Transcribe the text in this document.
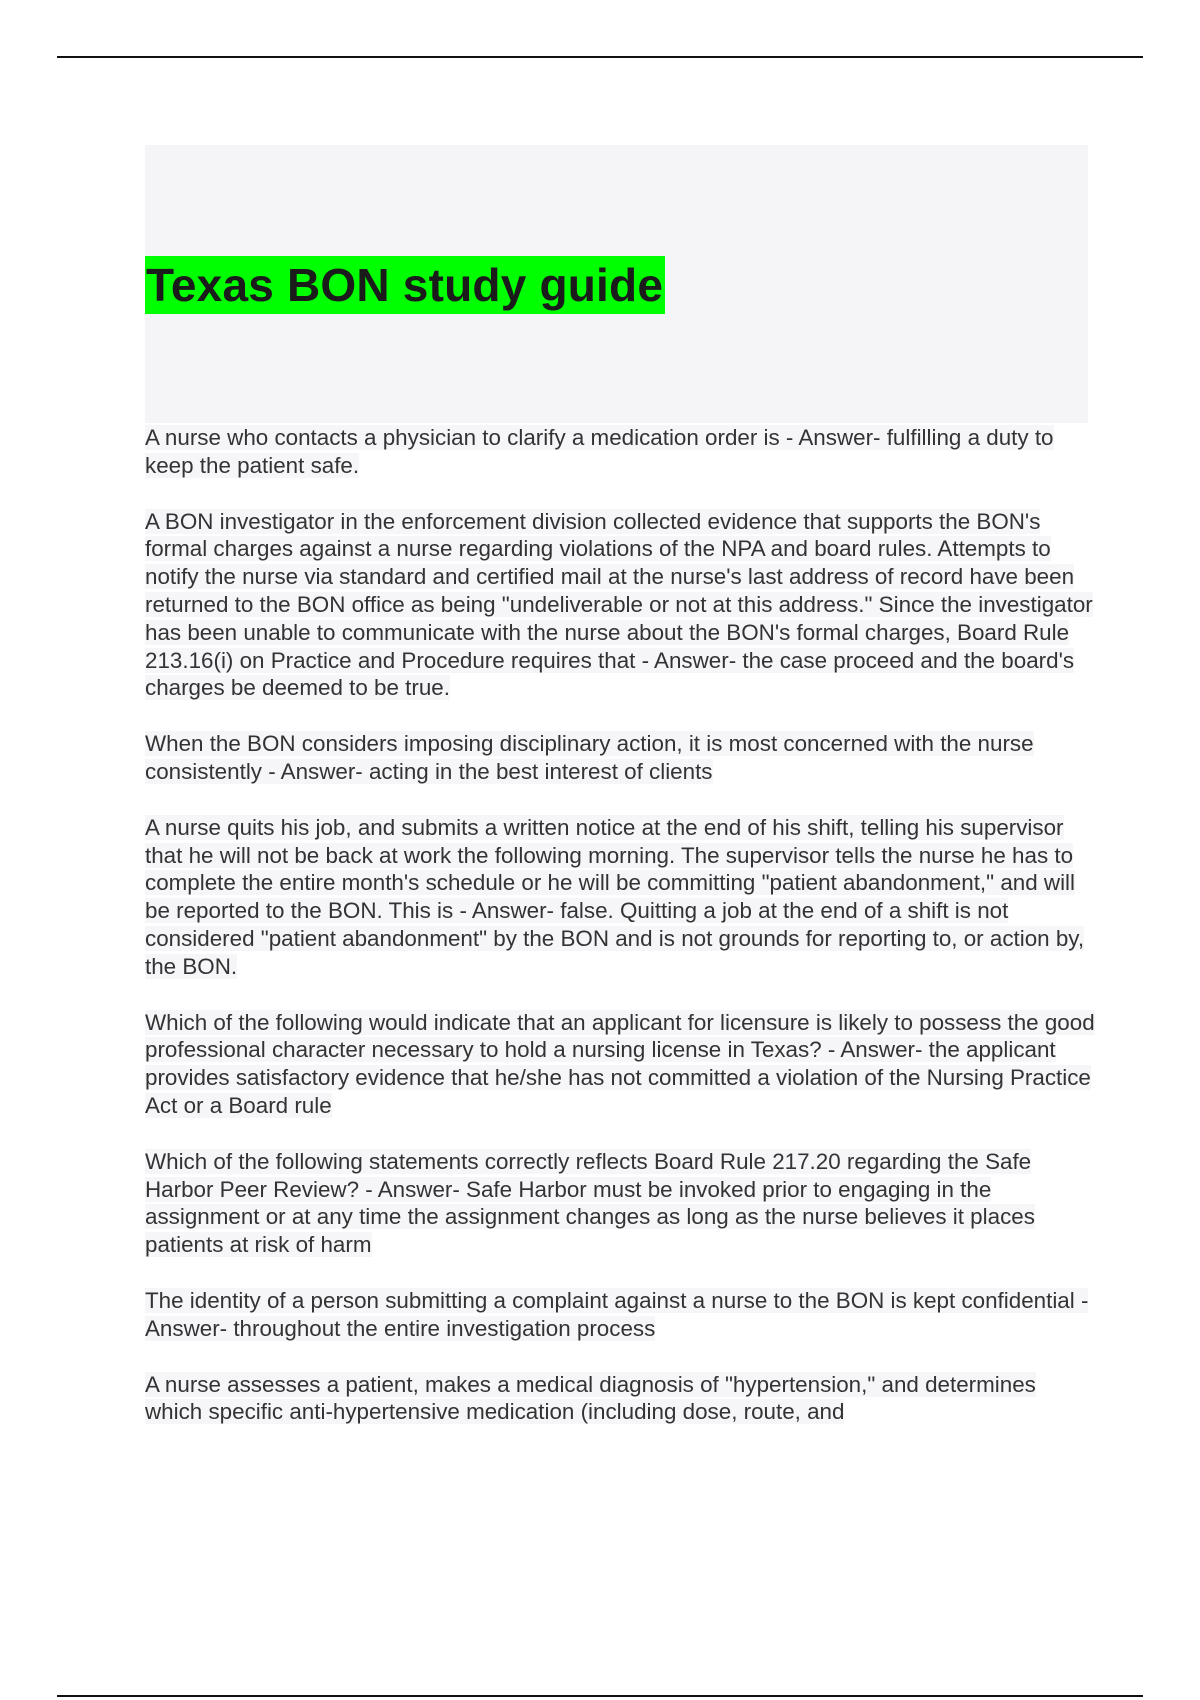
Texas BON study guide

A nurse who contacts a physician to clarify a medication order is - Answer- fulfilling a duty to keep the patient safe.

A BON investigator in the enforcement division collected evidence that supports the BON's formal charges against a nurse regarding violations of the NPA and board rules. Attempts to notify the nurse via standard and certified mail at the nurse's last address of record have been returned to the BON office as being "undeliverable or not at this address." Since the investigator has been unable to communicate with the nurse about the BON's formal charges, Board Rule 213.16(i) on Practice and Procedure requires that - Answer- the case proceed and the board's charges be deemed to be true.

When the BON considers imposing disciplinary action, it is most concerned with the nurse consistently - Answer- acting in the best interest of clients

A nurse quits his job, and submits a written notice at the end of his shift, telling his supervisor that he will not be back at work the following morning. The supervisor tells the nurse he has to complete the entire month's schedule or he will be committing "patient abandonment," and will be reported to the BON. This is - Answer- false. Quitting a job at the end of a shift is not considered "patient abandonment" by the BON and is not grounds for reporting to, or action by, the BON.

Which of the following would indicate that an applicant for licensure is likely to possess the good professional character necessary to hold a nursing license in Texas? - Answer- the applicant provides satisfactory evidence that he/she has not committed a violation of the Nursing Practice Act or a Board rule

Which of the following statements correctly reflects Board Rule 217.20 regarding the Safe Harbor Peer Review? - Answer- Safe Harbor must be invoked prior to engaging in the assignment or at any time the assignment changes as long as the nurse believes it places patients at risk of harm

The identity of a person submitting a complaint against a nurse to the BON is kept confidential - Answer- throughout the entire investigation process

A nurse assesses a patient, makes a medical diagnosis of "hypertension," and determines which specific anti-hypertensive medication (including dose, route, and
